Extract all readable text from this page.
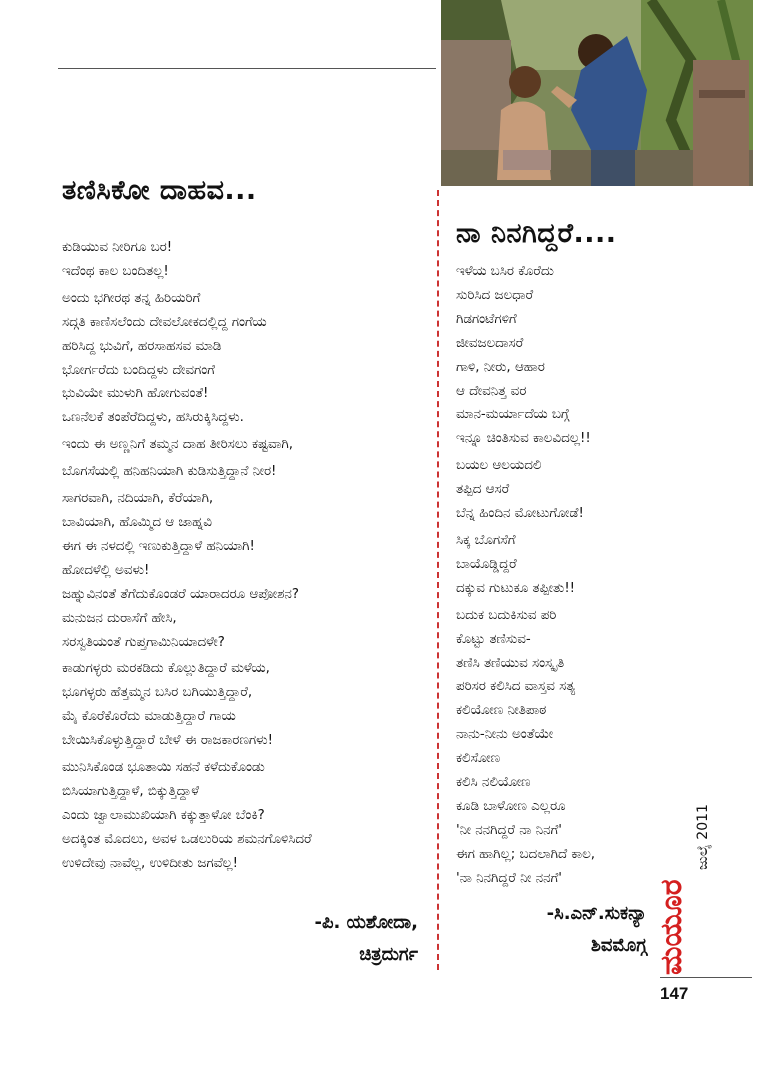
ತಣಿಸಿಕೋ ದಾಹವ...
ಕುಡಿಯುವ ನೀರಿಗೂ ಬರ!
ಇದೆಂಥ ಕಾಲ ಬಂದಿತಲ್ಲ!
ಅಂದು ಭಗೀರಥ ತನ್ನ ಹಿರಿಯರಿಗೆ
ಸದ್ಗತಿ ಕಾಣಿಸಲೆಂದು ದೇವಲೋಕದಲ್ಲಿದ್ದ ಗಂಗೆಯ
ಹರಿಸಿದ್ದ ಭುವಿಗೆ, ಹರಸಾಹಸವ ಮಾಡಿ
ಭೋರ್ಗರೆದು ಬಂದಿದ್ದಳು ದೇವಗಂಗೆ
ಭುವಿಯೇ ಮುಳುಗಿ ಹೋಗುವಂತೆ!
ಒಣನೆಲಕೆ ತಂಪೆರೆದಿದ್ದಳು, ಹಸಿರುಕ್ಕಿಸಿದ್ದಳು.
ಇಂದು ಈ ಅಣ್ಣನಿಗೆ ತಮ್ಮನ ದಾಹ ತೀರಿಸಲು ಕಷ್ಟವಾಗಿ,
ಬೊಗಸೆಯಲ್ಲಿ ಹನಿಹನಿಯಾಗಿ ಕುಡಿಸುತ್ತಿದ್ದಾನೆ ನೀರ!
ಸಾಗರವಾಗಿ, ನದಿಯಾಗಿ, ಕೆರೆಯಾಗಿ,
ಬಾವಿಯಾಗಿ, ಹೊಮ್ಮಿದ ಆ ಜಾಹ್ನವಿ
ಈಗ ಈ ನಳದಲ್ಲಿ ಇಣುಕುತ್ತಿದ್ದಾಳೆ ಹನಿಯಾಗಿ!
ಹೋದಳೆಲ್ಲಿ ಅವಳು!
ಜಹ್ನುವಿನಂತೆ ತೆಗೆದುಕೊಂಡರೆ ಯಾರಾದರೂ ಆಪೋಶನ?
ಮನುಜನ ದುರಾಸೆಗೆ ಹೇಸಿ,
ಸರಸ್ವತಿಯಂತೆ ಗುಪ್ತಗಾಮಿನಿಯಾದಳೇ?
ಕಾಡುಗಳ್ಳರು ಮರಕಡಿದು ಕೊಲ್ಲುತಿದ್ದಾರೆ ಮಳೆಯ,
ಭೂಗಳ್ಳರು ಹೆತ್ತಮ್ಮನ ಬಸಿರ ಬಗಿಯುತ್ತಿದ್ದಾರೆ,
ಮೈ ಕೊರೆಕೊರೆದು ಮಾಡುತ್ತಿದ್ದಾರೆ ಗಾಯ
ಬೇಯಿಸಿಕೊಳ್ಳುತ್ತಿದ್ದಾರೆ ಬೇಳೆ ಈ ರಾಜಕಾರಣಗಳು!
ಮುನಿಸಿಕೊಂಡ ಭೂತಾಯಿ ಸಹನೆ ಕಳೆದುಕೊಂಡು
ಬಿಸಿಯಾಗುತ್ತಿದ್ದಾಳೆ, ಬಿಕ್ಕುತ್ತಿದ್ದಾಳೆ
ಎಂದು ಜ್ವಾಲಾಮುಖಿಯಾಗಿ ಕಕ್ಕುತ್ತಾಳೋ ಬೆಂಕಿ?
ಅದಕ್ಕಿಂತ ಮೊದಲು, ಅವಳ ಒಡಲುರಿಯ ಶಮನಗೊಳಿಸಿದರೆ
ಉಳಿದೇವು ನಾವೆಲ್ಲ, ಉಳಿದೀತು ಜಗವೆಲ್ಲ!
-ಪಿ. ಯಶೋದಾ,
ಚಿತ್ರದುರ್ಗ
ನಾ ನಿನಗಿದ್ದರೆ....
ಇಳೆಯ ಬಸಿರ ಕೊರೆದು
ಸುರಿಸಿದ ಜಲಧಾರೆ
ಗಿಡಗಂಟೆಗಳಿಗೆ
ಜೀವಜಲದಾಸರೆ
ಗಾಳಿ, ನೀರು, ಆಹಾರ
ಆ ದೇವನಿತ್ತ ವರ
ಮಾನ-ಮರ್ಯಾದೆಯ ಬಗ್ಗೆ
ಇನ್ನೂ ಚಿಂತಿಸುವ ಕಾಲವಿದಲ್ಲ!!
ಬಯಲ ಆಲಯದಲಿ
ತಪ್ಪಿದ ಆಸರೆ
ಬೆನ್ನ ಹಿಂದಿನ ಮೋಟುಗೋಡೆ!
ಸಿಕ್ಕ ಬೊಗಸೆಗೆ
ಬಾಯೊಡ್ಡಿದ್ದರೆ
ದಕ್ಕುವ ಗುಟುಕೂ ತಪ್ಪೀತು!!
ಬದುಕ ಬದುಕಿಸುವ ಪರಿ
ಕೊಟ್ಟು ತಣಿಸುವ-
ತಣಿಸಿ ತಣಿಯುವ ಸಂಸ್ಕೃತಿ
ಪರಿಸರ ಕಲಿಸಿದ ವಾಸ್ತವ ಸತ್ಯ
ಕಲಿಯೋಣ ನೀತಿಪಾಠ
ನಾನು-ನೀನು ಅಂತೆಯೇ
ಕಲಿಸೋಣ
ಕಲಿಸಿ ನಲಿಯೋಣ
ಕೂಡಿ ಬಾಳೋಣ ಎಲ್ಲರೂ
'ನೀ ನನಗಿದ್ದರೆ ನಾ ನಿನಗೆ'
ಈಗ ಹಾಗಿಲ್ಲ; ಬದಲಾಗಿದೆ ಕಾಲ,
'ನಾ ನಿನಗಿದ್ದರೆ ನೀ ನನಗೆ'
-ಸಿ.ಎನ್.ಸುಕನ್ಯಾ
ಶಿವಮೊಗ್ಗ ಮಯೂರ
ಜುಲೈ 2011
147
